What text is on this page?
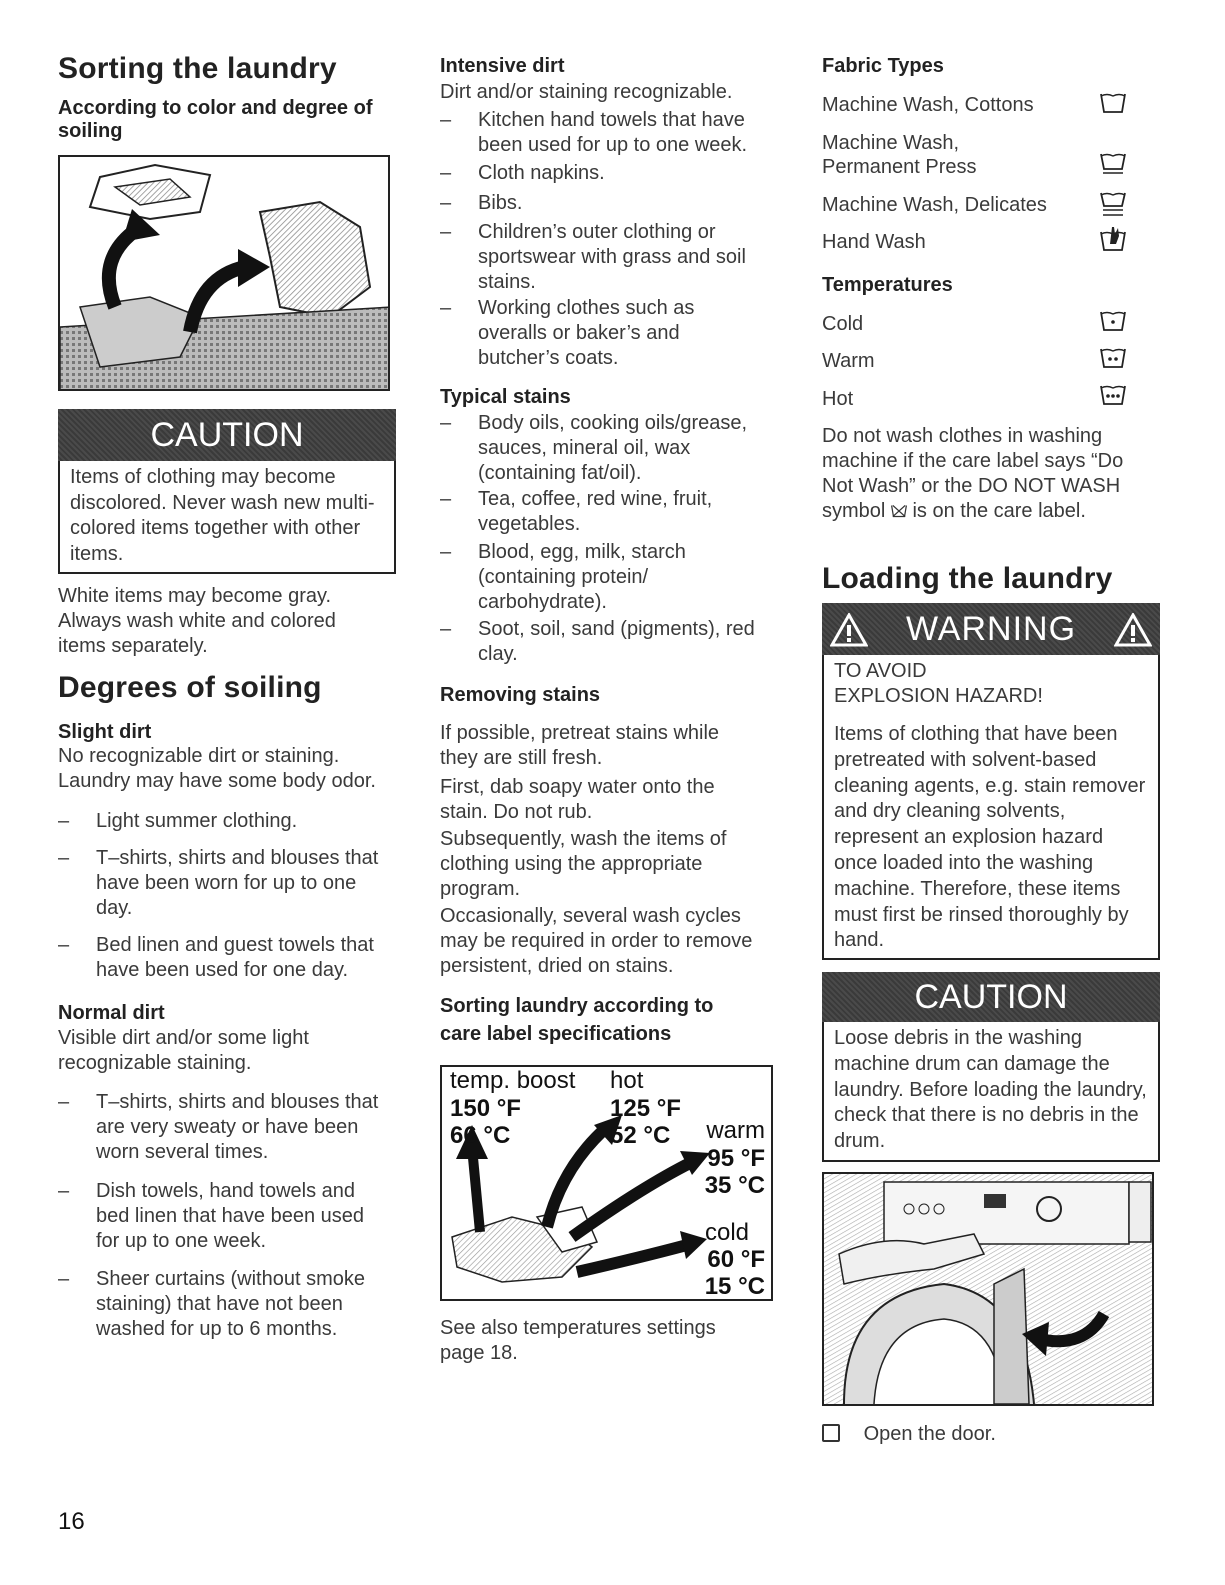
Sorting the laundry
According to color and degree of soiling
CAUTION
Items of clothing may become discolored. Never wash new multi-colored items together with other items.
White items may become gray. Always wash white and colored items separately.
Degrees of soiling
Slight dirt
No recognizable dirt or staining. Laundry may have some body odor.
–	Light summer clothing.
–	T–shirts, shirts and blouses that have been worn for up to one day.
–	Bed linen and guest towels that have been used for one day.
Normal dirt
Visible dirt and/or some light recognizable staining.
–	T–shirts, shirts and blouses that are very sweaty or have been worn several times.
–	Dish towels, hand towels and bed linen that have been used for up to one week.
–	Sheer curtains (without smoke staining) that have not been washed for up to 6 months.
Intensive dirt
Dirt and/or staining recognizable.
–	Kitchen hand towels that have been used for up to one week.
–	Cloth napkins.
–	Bibs.
–	Children’s outer clothing or sportswear with grass and soil stains.
–	Working clothes such as overalls or baker’s and butcher’s coats.
Typical stains
–	Body oils, cooking oils/grease, sauces, mineral oil, wax (containing fat/oil).
–	Tea, coffee, red wine, fruit, vegetables.
–	Blood, egg, milk, starch (containing protein/ carbohydrate).
–	Soot, soil, sand (pigments), red clay.
Removing stains
If possible, pretreat stains while they are still fresh.
First, dab soapy water onto the stain. Do not rub.
Subsequently, wash the items of clothing using the appropriate program.
Occasionally, several wash cycles may be required in order to remove persistent, dried on stains.
Sorting laundry according to care label specifications
temp. boost
150 °F
66 °C
hot
125 °F
52 °C warm
95 °F
35 °C
cold
60 °F
15 °C
See also temperatures settings page 18.
Fabric Types
Machine Wash, Cottons
Machine Wash, Permanent Press
Machine Wash, Delicates
Hand Wash
Temperatures
Cold
Warm
Hot
Do not wash clothes in washing machine if the care label says “Do Not Wash” or the DO NOT WASH symbol is on the care label.
Loading the laundry
WARNING
TO AVOID
EXPLOSION HAZARD!
Items of clothing that have been pretreated with solvent-based cleaning agents, e.g. stain remover and dry cleaning solvents, represent an explosion hazard once loaded into the washing machine. Therefore, these items must first be rinsed thoroughly by hand.
CAUTION
Loose debris in the washing machine drum can damage the laundry. Before loading the laundry, check that there is no debris in the drum.
Open the door.
16
